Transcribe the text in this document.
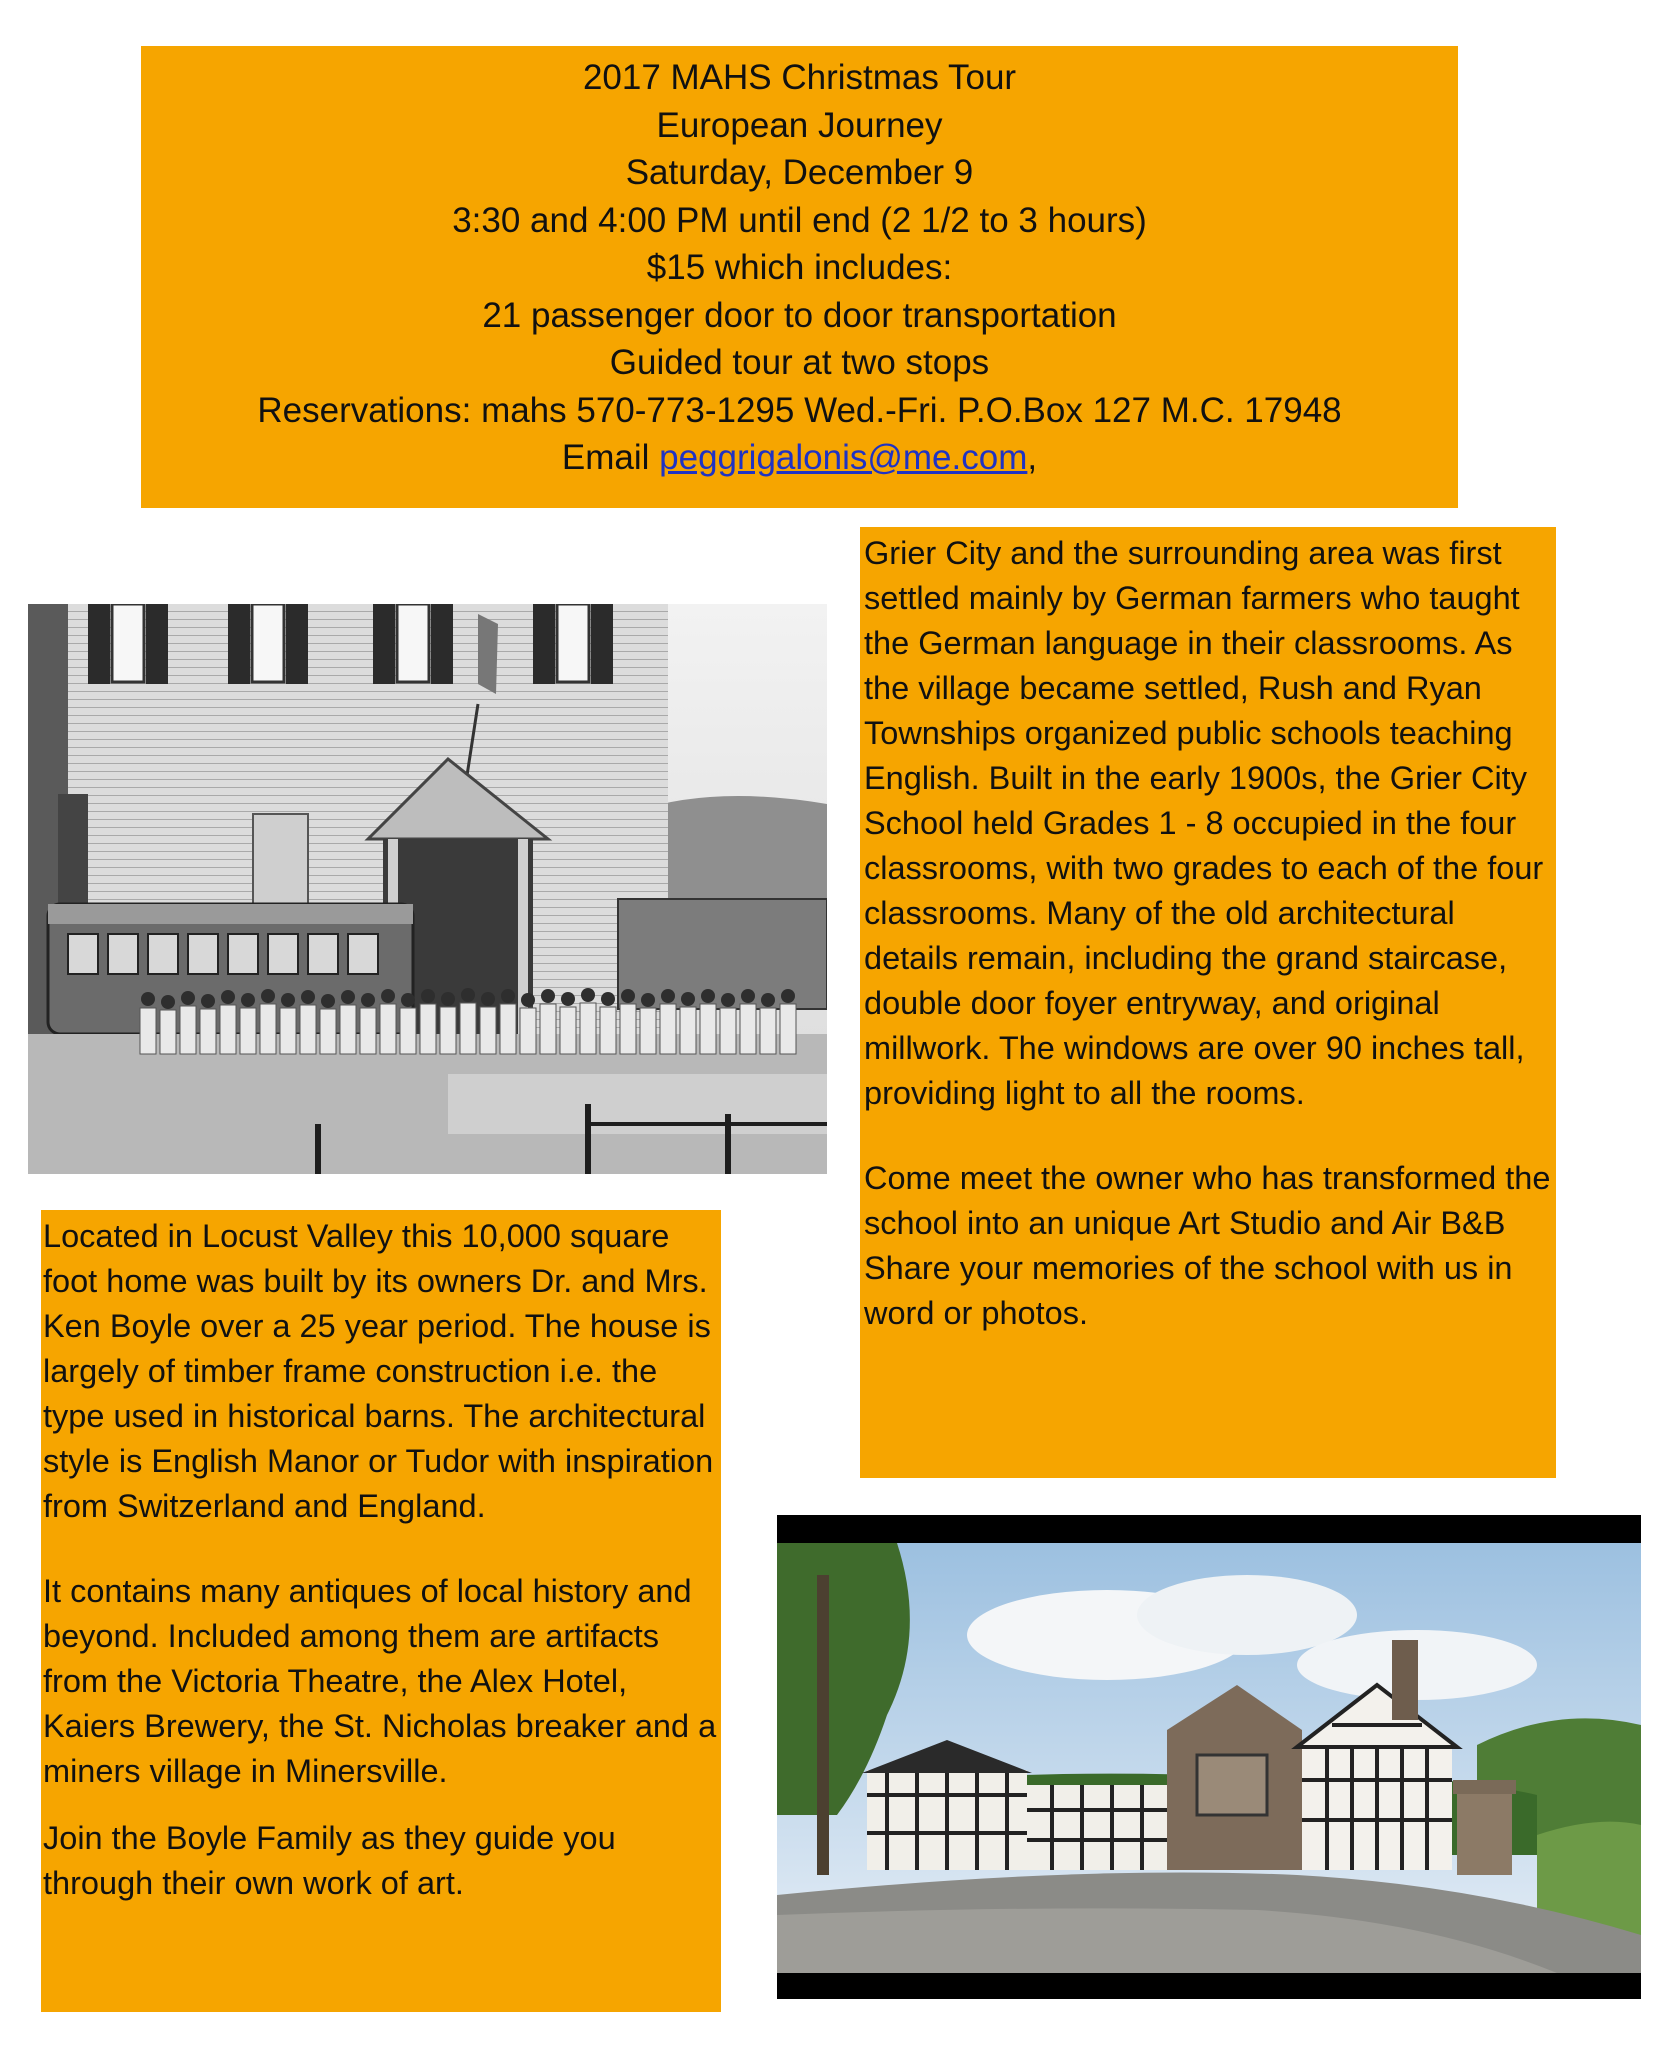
2017 MAHS Christmas Tour
European Journey
Saturday, December 9
3:30 and 4:00 PM until end (2 1/2 to 3 hours)
$15 which includes:
21 passenger door to door transportation
Guided tour at two stops
Reservations: mahs 570-773-1295 Wed.-Fri. P.O.Box 127 M.C. 17948
Email peggrigalonis@me.com,

Grier City and the surrounding area was first settled mainly by German farmers who taught the German language in their classrooms. As the village became settled, Rush and Ryan Townships organized public schools teaching English. Built in the early 1900s, the Grier City School held Grades 1 - 8 occupied in the four classrooms, with two grades to each of the four classrooms. Many of the old architectural details remain, including the grand staircase, double door foyer entryway, and original millwork. The windows are over 90 inches tall, providing light to all the rooms.

Come meet the owner who has transformed the school into an unique Art Studio and Air B&B Share your memories of the school with us in word or photos.

Located in Locust Valley this 10,000 square foot home was built by its owners Dr. and Mrs. Ken Boyle over a 25 year period. The house is largely of timber frame construction i.e. the type used in historical barns. The architectural style is English Manor or Tudor with inspiration from Switzerland and England.

It contains many antiques of local history and beyond. Included among them are artifacts from the Victoria Theatre, the Alex Hotel, Kaiers Brewery, the St. Nicholas breaker and a miners village in Minersville.

Join the Boyle Family as they guide you through their own work of art.
